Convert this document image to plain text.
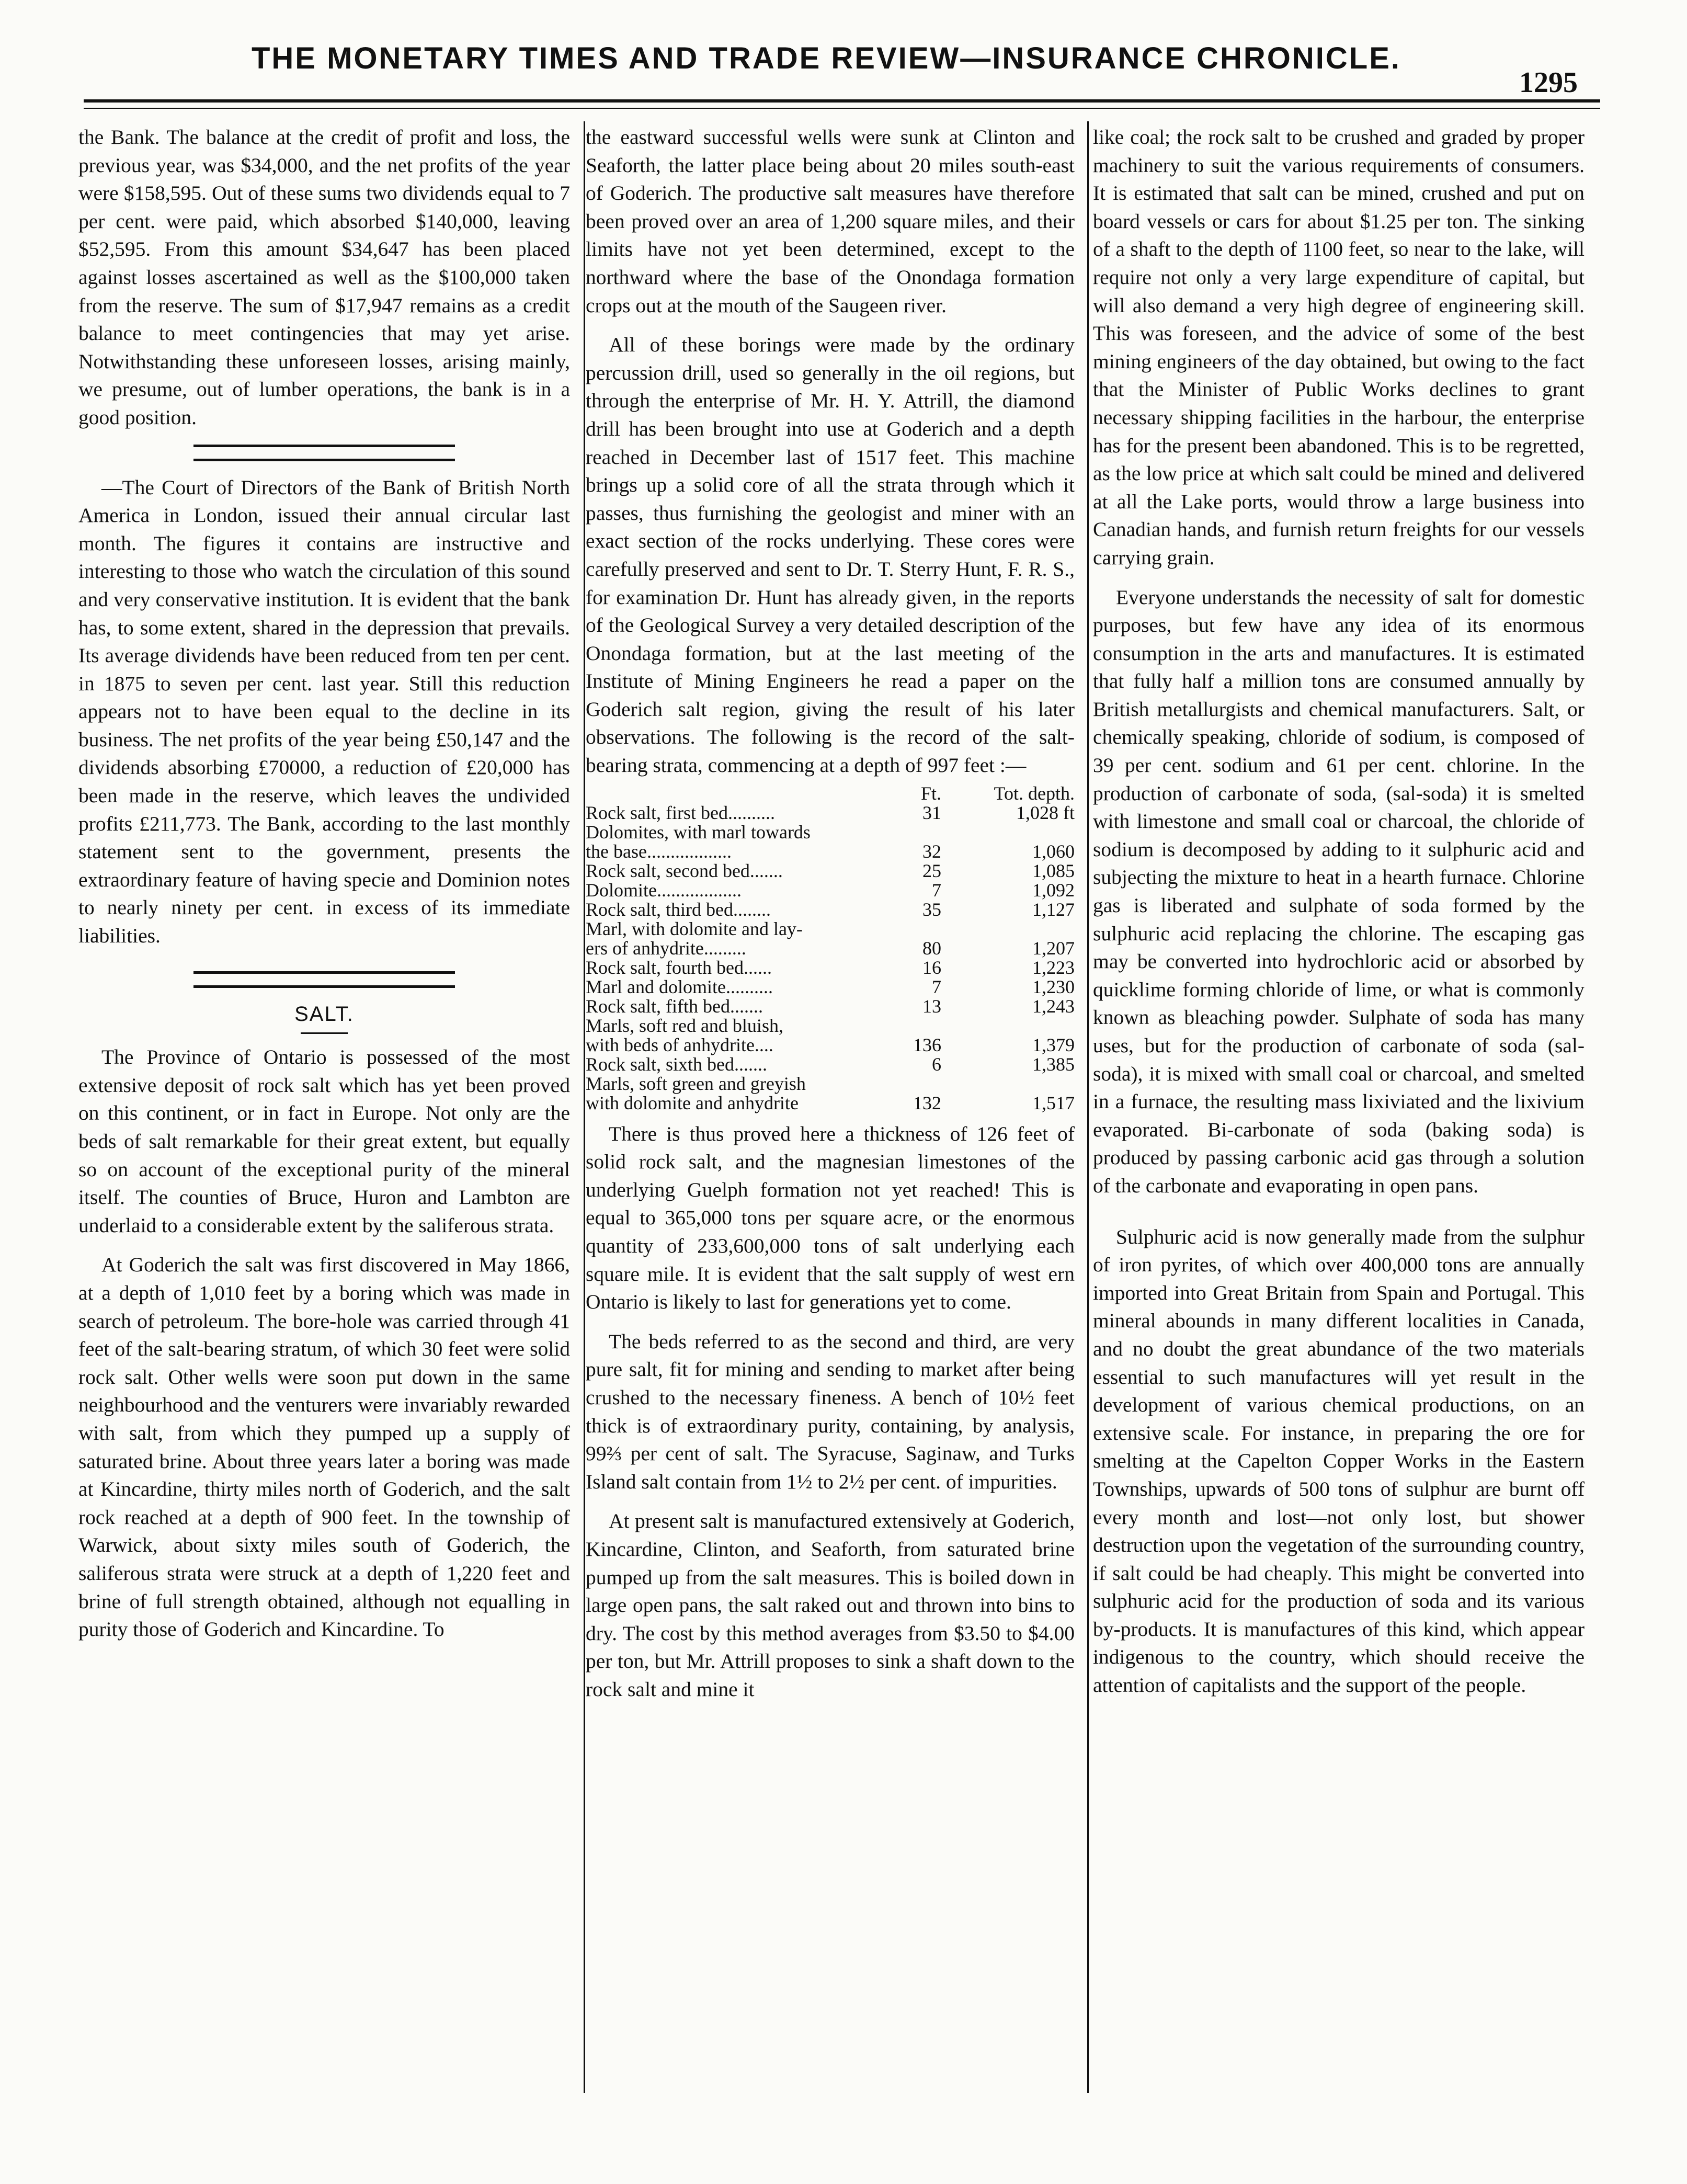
THE MONETARY TIMES AND TRADE REVIEW—INSURANCE CHRONICLE.
1295

the Bank. The balance at the credit of profit and loss, the previous year, was $34,000, and the net profits of the year were $158,595. Out of these sums two dividends equal to 7 per cent. were paid, which absorbed $140,000, leaving $52,595. From this amount $34,647 has been placed against losses ascertained as well as the $100,000 taken from the reserve. The sum of $17,947 remains as a credit balance to meet contingencies that may yet arise. Notwithstanding these unforeseen losses, arising mainly, we presume, out of lumber operations, the bank is in a good position.

—The Court of Directors of the Bank of British North America in London, issued their annual circular last month. The figures it contains are instructive and interesting to those who watch the circulation of this sound and very conservative institution. It is evident that the bank has, to some extent, shared in the depression that prevails. Its average dividends have been reduced from ten per cent. in 1875 to seven per cent. last year. Still this reduction appears not to have been equal to the decline in its business. The net profits of the year being £50,147 and the dividends absorbing £70000, a reduction of £20,000 has been made in the reserve, which leaves the undivided profits £211,773. The Bank, according to the last monthly statement sent to the government, presents the extraordinary feature of having specie and Dominion notes to nearly ninety per cent. in excess of its immediate liabilities.

SALT.

The Province of Ontario is possessed of the most extensive deposit of rock salt which has yet been proved on this continent, or in fact in Europe. Not only are the beds of salt remarkable for their great extent, but equally so on account of the exceptional purity of the mineral itself. The counties of Bruce, Huron and Lambton are underlaid to a considerable extent by the saliferous strata.

At Goderich the salt was first discovered in May 1866, at a depth of 1,010 feet by a boring which was made in search of petroleum. The bore-hole was carried through 41 feet of the salt-bearing stratum, of which 30 feet were solid rock salt. Other wells were soon put down in the same neighbourhood and the venturers were invariably rewarded with salt, from which they pumped up a supply of saturated brine. About three years later a boring was made at Kincardine, thirty miles north of Goderich, and the salt rock reached at a depth of 900 feet. In the township of Warwick, about sixty miles south of Goderich, the saliferous strata were struck at a depth of 1,220 feet and brine of full strength obtained, although not equalling in purity those of Goderich and Kincardine. To

the eastward successful wells were sunk at Clinton and Seaforth, the latter place being about 20 miles south-east of Goderich. The productive salt measures have therefore been proved over an area of 1,200 square miles, and their limits have not yet been determined, except to the northward where the base of the Onondaga formation crops out at the mouth of the Saugeen river.

All of these borings were made by the ordinary percussion drill, used so generally in the oil regions, but through the enterprise of Mr. H. Y. Attrill, the diamond drill has been brought into use at Goderich and a depth reached in December last of 1517 feet. This machine brings up a solid core of all the strata through which it passes, thus furnishing the geologist and miner with an exact section of the rocks underlying. These cores were carefully preserved and sent to Dr. T. Sterry Hunt, F. R. S., for examination Dr. Hunt has already given, in the reports of the Geological Survey a very detailed description of the Onondaga formation, but at the last meeting of the Institute of Mining Engineers he read a paper on the Goderich salt region, giving the result of his later observations. The following is the record of the salt-bearing strata, commencing at a depth of 997 feet :—

	Ft.	Tot. depth.
Rock salt, first bed..........	31	1,028 ft
Dolomites, with marl towards		
the base..................	32	1,060
Rock salt, second bed.......	25	1,085
Dolomite..................	7	1,092
Rock salt, third bed........	35	1,127
Marl, with dolomite and lay-		
ers of anhydrite.........	80	1,207
Rock salt, fourth bed......	16	1,223
Marl and dolomite..........	7	1,230
Rock salt, fifth bed.......	13	1,243
Marls, soft red and bluish,		
with beds of anhydrite....	136	1,379
Rock salt, sixth bed.......	6	1,385
Marls, soft green and greyish		
with dolomite and anhydrite	132	1,517

There is thus proved here a thickness of 126 feet of solid rock salt, and the magnesian limestones of the underlying Guelph formation not yet reached! This is equal to 365,000 tons per square acre, or the enormous quantity of 233,600,000 tons of salt underlying each square mile. It is evident that the salt supply of west ern Ontario is likely to last for generations yet to come.

The beds referred to as the second and third, are very pure salt, fit for mining and sending to market after being crushed to the necessary fineness. A bench of 10½ feet thick is of extraordinary purity, containing, by analysis, 99⅔ per cent of salt. The Syracuse, Saginaw, and Turks Island salt contain from 1½ to 2½ per cent. of impurities.

At present salt is manufactured extensively at Goderich, Kincardine, Clinton, and Seaforth, from saturated brine pumped up from the salt measures. This is boiled down in large open pans, the salt raked out and thrown into bins to dry. The cost by this method averages from $3.50 to $4.00 per ton, but Mr. Attrill proposes to sink a shaft down to the rock salt and mine it

like coal; the rock salt to be crushed and graded by proper machinery to suit the various requirements of consumers. It is estimated that salt can be mined, crushed and put on board vessels or cars for about $1.25 per ton. The sinking of a shaft to the depth of 1100 feet, so near to the lake, will require not only a very large expenditure of capital, but will also demand a very high degree of engineering skill. This was foreseen, and the advice of some of the best mining engineers of the day obtained, but owing to the fact that the Minister of Public Works declines to grant necessary shipping facilities in the harbour, the enterprise has for the present been abandoned. This is to be regretted, as the low price at which salt could be mined and delivered at all the Lake ports, would throw a large business into Canadian hands, and furnish return freights for our vessels carrying grain.

Everyone understands the necessity of salt for domestic purposes, but few have any idea of its enormous consumption in the arts and manufactures. It is estimated that fully half a million tons are consumed annually by British metallurgists and chemical manufacturers. Salt, or chemically speaking, chloride of sodium, is composed of 39 per cent. sodium and 61 per cent. chlorine. In the production of carbonate of soda, (sal-soda) it is smelted with limestone and small coal or charcoal, the chloride of sodium is decomposed by adding to it sulphuric acid and subjecting the mixture to heat in a hearth furnace. Chlorine gas is liberated and sulphate of soda formed by the sulphuric acid replacing the chlorine. The escaping gas may be converted into hydrochloric acid or absorbed by quicklime forming chloride of lime, or what is commonly known as bleaching powder. Sulphate of soda has many uses, but for the production of carbonate of soda (sal-soda), it is mixed with small coal or charcoal, and smelted in a furnace, the resulting mass lixiviated and the lixivium evaporated. Bi-carbonate of soda (baking soda) is produced by passing carbonic acid gas through a solution of the carbonate and evaporating in open pans.

Sulphuric acid is now generally made from the sulphur of iron pyrites, of which over 400,000 tons are annually imported into Great Britain from Spain and Portugal. This mineral abounds in many different localities in Canada, and no doubt the great abundance of the two materials essential to such manufactures will yet result in the development of various chemical productions, on an extensive scale. For instance, in preparing the ore for smelting at the Capelton Copper Works in the Eastern Townships, upwards of 500 tons of sulphur are burnt off every month and lost—not only lost, but shower destruction upon the vegetation of the surrounding country, if salt could be had cheaply. This might be converted into sulphuric acid for the production of soda and its various by-products. It is manufactures of this kind, which appear indigenous to the country, which should receive the attention of capitalists and the support of the people.
